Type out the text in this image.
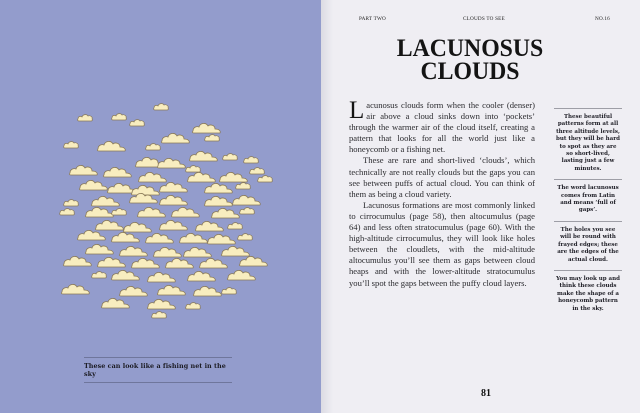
These can look like a fishing net in the sky
PART TWO	CLOUDS TO SEE	NO.16
LACUNOSUS
CLOUDS

Lacunosus clouds form when the cooler (denser) air above a cloud sinks down into ‘pockets’ through the warmer air of the cloud itself, creating a pattern that looks for all the world just like a honeycomb or a fishing net.

These are rare and short-lived ‘clouds’, which technically are not really clouds but the gaps you can see between puffs of actual cloud. You can think of them as being a cloud variety.

Lacunosus formations are most commonly linked to cirrocumulus (page 58), then altocumulus (page 64) and less often stratocumulus (page 60). With the high-altitude cirrocumulus, they will look like holes between the cloudlets, with the mid-altitude altocumulus you’ll see them as gaps between cloud heaps and with the lower-altitude stratocumulus you’ll spot the gaps between the puffy cloud layers.

These beautiful patterns form at all three altitude levels, but they will be hard to spot as they are so short-lived, lasting just a few minutes.
The word lacunosus comes from Latin and means ‘full of gaps’.
The holes you see will be round with frayed edges; these are the edges of the actual cloud.
You may look up and think these clouds make the shape of a honeycomb pattern in the sky.
81
